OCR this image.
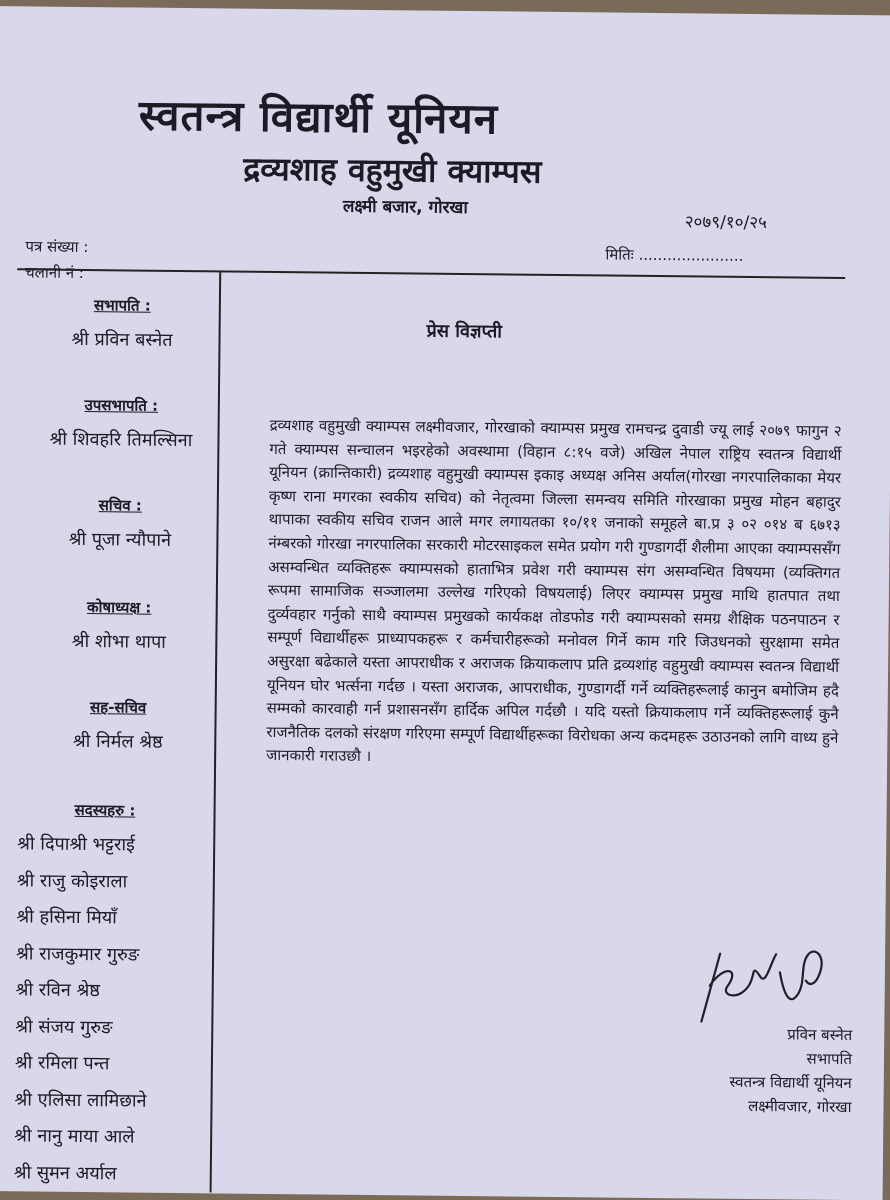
स्वतन्त्र विद्यार्थी यूनियन
द्रव्यशाह वहुमुखी क्याम्पस
लक्ष्मी बजार, गोरखा
२०७९/१०/२५
पत्र संख्या :
चलानी नं :
मितिः ......................
सभापति :
श्री प्रविन बस्नेत
उपसभापति :
श्री शिवहरि तिमल्सिना
सचिव :
श्री पूजा न्यौपाने
कोषाध्यक्ष :
श्री शोभा थापा
सह-सचिव
श्री निर्मल श्रेष्ठ
सदस्यहरु :
श्री दिपाश्री भट्टराई
श्री राजु कोइराला
श्री हसिना मियाँ
श्री राजकुमार गुरुङ
श्री रविन श्रेष्ठ
श्री संजय गुरुङ
श्री रमिला पन्त
श्री एलिसा लामिछाने
श्री नानु माया आले
श्री सुमन अर्याल
प्रेस विज्ञप्ती
द्रव्यशाह वहुमुखी क्याम्पस लक्ष्मीवजार, गोरखाको क्याम्पस प्रमुख रामचन्द्र दुवाडी ज्यू लाई २०७९ फागुन २ गते क्याम्पस सन्चालन भइरहेको अवस्थामा (विहान ८:१५ वजे) अखिल नेपाल राष्ट्रिय स्वतन्त्र विद्यार्थी यूनियन (क्रान्तिकारी) द्रव्यशाह वहुमुखी क्याम्पस इकाइ अध्यक्ष अनिस अर्याल(गोरखा नगरपालिकाका मेयर कृष्ण राना मगरका स्वकीय सचिव) को नेतृत्वमा जिल्ला समन्वय समिति गोरखाका प्रमुख मोहन बहादुर थापाका स्वकीय सचिव राजन आले मगर लगायतका १०/११ जनाको समूहले बा.प्र ३ ०२ ०१४ ब ६७१३ नंम्बरको गोरखा नगरपालिका सरकारी मोटरसाइकल समेत प्रयोग गरी गुण्डागर्दी शैलीमा आएका क्याम्पससँग असम्वन्धित व्यक्तिहरू क्याम्पसको हाताभित्र प्रवेश गरी क्याम्पस संग असम्वन्धित विषयमा (व्यक्तिगत रूपमा सामाजिक सञ्जालमा उल्लेख गरिएको विषयलाई) लिएर क्याम्पस प्रमुख माथि हातपात तथा दुर्व्यवहार गर्नुको साथै क्याम्पस प्रमुखको कार्यकक्ष तोडफोड गरी क्याम्पसको समग्र शैक्षिक पठनपाठन र सम्पूर्ण विद्यार्थीहरू प्राध्यापकहरू र कर्मचारीहरूको मनोवल गिर्ने काम गरि जिउधनको सुरक्षामा समेत असुरक्षा बढेकाले यस्ता आपराधीक र अराजक क्रियाकलाप प्रति द्रव्यशांह वहुमुखी क्याम्पस स्वतन्त्र विद्यार्थी यूनियन घोर भर्त्सना गर्दछ । यस्ता अराजक, आपराधीक, गुण्डागर्दी गर्ने व्यक्तिहरूलाई कानुन बमोजिम हदै सम्मको कारवाही गर्न प्रशासनसँग हार्दिक अपिल गर्दछौ । यदि यस्तो क्रियाकलाप गर्ने व्यक्तिहरूलाई कुनै राजनैतिक दलको संरक्षण गरिएमा सम्पूर्ण विद्यार्थीहरूका विरोधका अन्य कदमहरू उठाउनको लागि वाध्य हुने जानकारी गराउछौ ।
प्रविन बस्नेत
सभापति
स्वतन्त्र विद्यार्थी यूनियन
लक्ष्मीवजार, गोरखा
